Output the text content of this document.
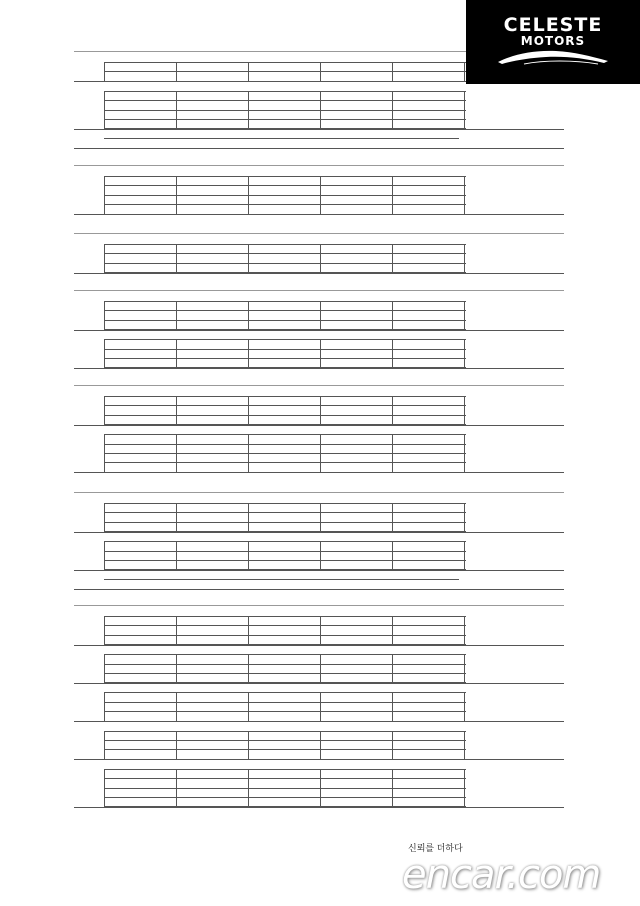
CELESTE
MOTORS
신뢰를 더하다
encar.com
